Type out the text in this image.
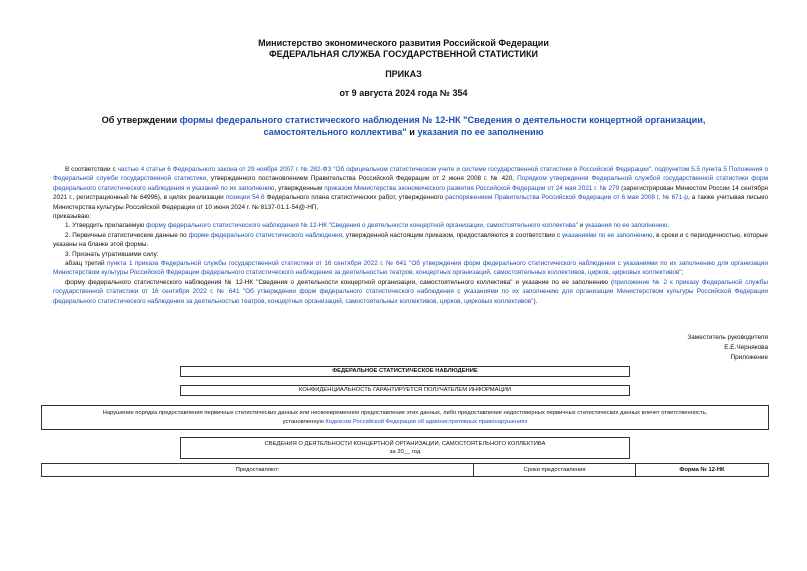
Министерство экономического развития Российской Федерации
ФЕДЕРАЛЬНАЯ СЛУЖБА ГОСУДАРСТВЕННОЙ СТАТИСТИКИ
ПРИКАЗ
от 9 августа 2024 года № 354
Об утверждении формы федерального статистического наблюдения № 12-НК "Сведения о деятельности концертной организации, самостоятельного коллектива" и указания по ее заполнению

В соответствии с частью 4 статьи 6 Федерального закона от 29 ноября 2007 г. № 282-ФЗ "Об официальном статистическом учете и системе государственной статистики в Российской Федерации", подпунктом 5.5 пункта 5 Положения о Федеральной службе государственной статистики, утвержденного постановлением Правительства Российской Федерации от 2 июня 2008 г. № 420, Порядком утверждения Федеральной службой государственной статистики форм федерального статистического наблюдения и указаний по их заполнению, утвержденным приказом Министерства экономического развития Российской Федерации от 24 мая 2021 г. № 279 (зарегистрирован Минюстом России 14 сентября 2021 г., регистрационный № 64996), в целях реализации позиции 54.6 Федерального плана статистических работ, утвержденного распоряжением Правительства Российской Федерации от 6 мая 2008 г. № 671-р, а также учитывая письмо Министерства культуры Российской Федерации от 10 июня 2024 г. № 8137-01.1-54@-НП,

приказываю:

1. Утвердить прилагаемую форму федерального статистического наблюдения № 12-НК "Сведения о деятельности концертной организации, самостоятельного коллектива" и указания по ее заполнению.

2. Первичные статистические данные по форме федерального статистического наблюдения, утвержденной настоящим приказом, предоставляются в соответствии с указаниями по ее заполнению, в сроки и с периодичностью, которые указаны на бланке этой формы.

3. Признать утратившими силу:

абзац третий пункта 1 приказа Федеральной службы государственной статистики от 16 сентября 2022 г. № 641 "Об утверждении форм федерального статистического наблюдения с указаниями по их заполнению для организации Министерством культуры Российской Федерации федерального статистического наблюдения за деятельностью театров, концертных организаций, самостоятельных коллективов, цирков, цирковых коллективов";

форму федерального статистического наблюдения № 12-НК "Сведения о деятельности концертной организации, самостоятельного коллектива" и указание по ее заполнению (приложение № 2 к приказу Федеральной службы государственной статистики от 16 сентября 2022 г. № 641 "Об утверждении форм федерального статистического наблюдения с указаниями по их заполнению для организации Министерством культуры Российской Федерации федерального статистического наблюдения за деятельностью театров, концертных организаций, самостоятельных коллективов, цирков, цирковых коллективов").

Заместитель руководителя
Е.Е.Чернякова
Приложение
ФЕДЕРАЛЬНОЕ СТАТИСТИЧЕСКОЕ НАБЛЮДЕНИЕ
КОНФИДЕНЦИАЛЬНОСТЬ ГАРАНТИРУЕТСЯ ПОЛУЧАТЕЛЕМ ИНФОРМАЦИИ
Нарушение порядка предоставления первичных статистических данных или несвоевременное предоставление этих данных, либо предоставление недостоверных первичных статистических данных влечет ответственность,
установленную Кодексом Российской Федерации об административных правонарушениях
СВЕДЕНИЯ О ДЕЯТЕЛЬНОСТИ КОНЦЕРТНОЙ ОРГАНИЗАЦИИ, САМОСТОЯТЕЛЬНОГО КОЛЛЕКТИВА
за 20__ год
Предоставляют:	Сроки предоставления	Форма № 12-НК
